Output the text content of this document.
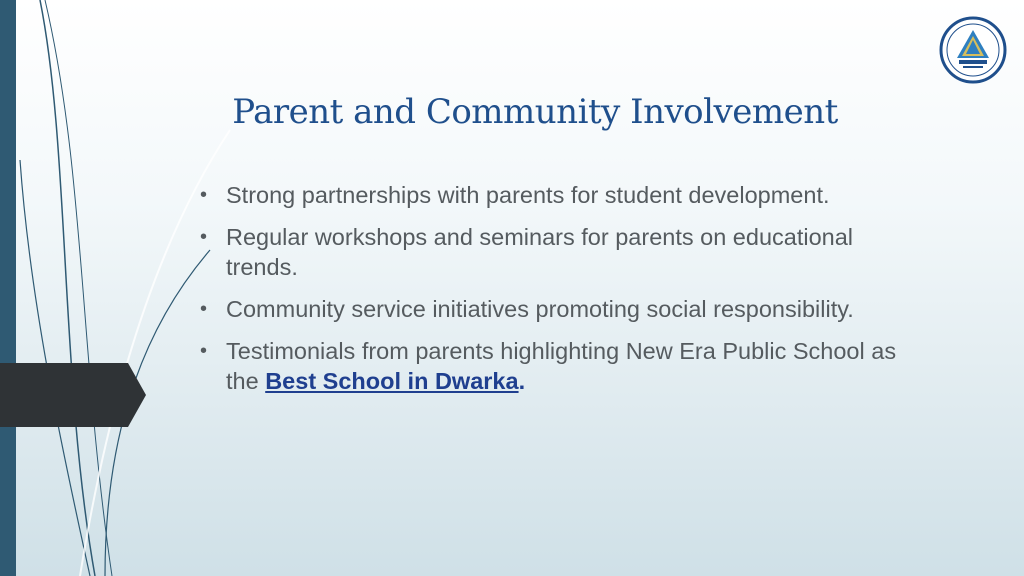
Parent and Community Involvement
• Strong partnerships with parents for student development.
• Regular workshops and seminars for parents on educational trends.
• Community service initiatives promoting social responsibility.
• Testimonials from parents highlighting New Era Public School as the Best School in Dwarka.
